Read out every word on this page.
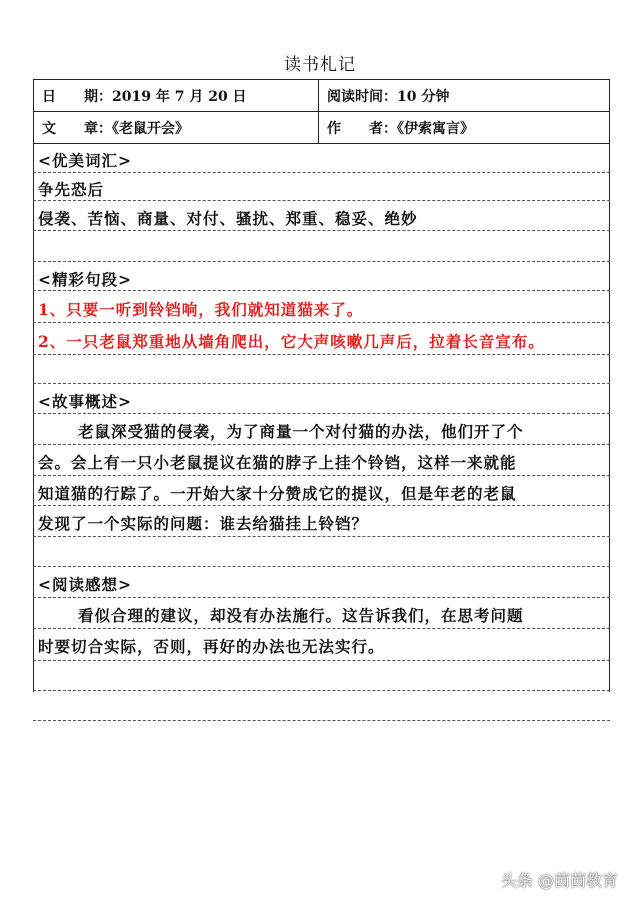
读书札记
日　　期：2019 年 7 月 20 日	阅读时间：10 分钟
文　　章：《老鼠开会》	作　　者：《伊索寓言》
<优美词汇>
争先恐后
侵袭、苦恼、商量、对付、骚扰、郑重、稳妥、绝妙
<精彩句段>
1、只要一听到铃铛响，我们就知道猫来了。
2、一只老鼠郑重地从墙角爬出，它大声咳嗽几声后，拉着长音宣布。
<故事概述>
老鼠深受猫的侵袭，为了商量一个对付猫的办法，他们开了个
会。会上有一只小老鼠提议在猫的脖子上挂个铃铛，这样一来就能
知道猫的行踪了。一开始大家十分赞成它的提议，但是年老的老鼠
发现了一个实际的问题：谁去给猫挂上铃铛？
<阅读感想>
看似合理的建议，却没有办法施行。这告诉我们，在思考问题
时要切合实际，否则，再好的办法也无法实行。
头条 @茵茵教育
